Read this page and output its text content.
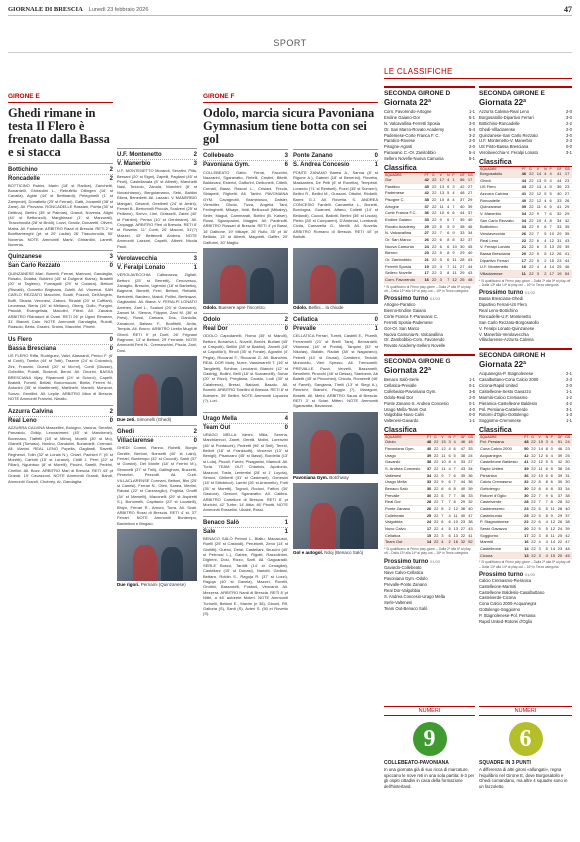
GIORNALE DI BRESCIA Lunedì 23 febbraio 2026	47
SPORT
LE CLASSIFICHE
GIRONE E
Ghedi rimane in testa Il Flero è frenato dalla Bassa e si stacca
Bottichino	2
Roncadelle	2
BOTTICINO Rubini, Marin (18' st Radice), Zanchetti, Bonardelli, Ghirardini L., Rebufello Ottingen (16' st Cavalla), Agide (44' st Bettinardi), Pelegrinelli (1' st Zampedri), Donatiello (25' st Ferrari), Gatti, Jovanelli (38' st Zane). All. Pirovano. RONCADELLE Rassani, Portta (30' st Dettina), Bertini (35' st Palmas), Grandi, Novenia, Alighi (44' st Bettonzoli), Marghirazzi (1' st Marzorati), Tiraccinnolla (28' st Brodi), Lozzi, Gradiz, Donaretti, Oliveri, Mafra. All. Fadonne. ARBITRO Razzi di Brescia. RETI 2' st Bonfitamenghi (pt. st 20' Ladisi) 26' Tiraccinnolla, 50' Novenia. NOTE Ammoniti Martz, Ghirardini, Lanetti, Novenia.
Quinzanese	3
San Carlo Rezzato	0
QUINZANESE Marì, Bonetti, Ferrari, Marinoni, Gandaglia, Rosato, Dolaba, Boldrini (45' st Dolgene Kiarra), Bradelli (20' st Tagleno), Fumagalli (29' st Cotarra), Bettoni (Riscatti), Gorzetto Brighana, Zulelli. All. Vincenzi. SAN CARLO REZZATO Macchini, Scaiti, Pozzoli, Dell'Angelo, Boffi, Strada, Veronesi, Zaboni, Rinaldi (20' st Coffiani), Leonessa, Berta (16' st Mellano), Oberg, Gollo, Pungini, Pistoidi, Evangelista, Macolini, Filinti. All. Zanaba. ARBITRO Ridradoni di Ovari. RETI 26' pt Ugoni Rimaran, 31' Bianati Calo. NOTE Ammoniti Gandaglia, Rulotti, Ruasolo, Berta, Grazini, Sraino, Macchini, Pinetti.
Us Flero	0
Bassa Bresciana	0
US FLERO Riffa, Rodriguez, Valzi, Alasnardi, Perico F. (6' st Conti), Tamba (44' st Totti), Trazere (24' st Colombo), Zini, Franzini, Duesti (20' st Mo'mi), Conti (Diusse), Gobofilio, Polatti, Sicsenti, Benni. All. Onorini. BASSA BRESCIANA Vijay, Ripamonti (24' st Sciorci), Capelli, Bratelli, Forrelli, Bellati, Bonomocchi, Biella, Ferreri M., Antonini (35' st Mariferneti), Martinelli, Vianelli, Monzoni, Sonzo, Gentilini. All. Leplie. ARBITRO Mica di Brescia. NOTE Ammoniti Franzini, Ninallo.
Azzurra Calvina	2
Real Leno	0
AZZURRA CALVINA Mascellini, Bologno, Varona, Serafini, Panzaldo, Gribly, Leonarimeni (45' st Marchenzi), Bovenaso, Tiaffelli (18' st Mimo), Morelli (30' st Mo), Gianelli (Tomaso), Nonino, Gandolini, Bonardelli, Cremaci. All. Vianini. REAL LENO Pupella, Gagliardi, Savetti, Reghenzi, Tolin (32' st Lorais N.), Chiari, Pachieri F. (6' st Moretti), Carlotti (15' st Loranzi), Chitti J. Perri (22' st Fillari), Nguinboo (8' st Morelli), Piccini, Sarelli, Pedrini, Chellini. All. Bozz. ARBITRO Mari di Brescia. RETI 43' pt Grandi, 19' Cavazzoni. NOTE Ammoniti Grandi, Bandi, Ammoniti Grandi, Chobrey, Ar, Gandaglia.
U.F. Montenetto	2
V. Manerbio	3
U.F. MONTENETTO Morandi, Serafini, Pilla, Bersani (20' st Signi), Zapelli, Pagliani (45' st Peoli), Castellanata (6' st Alberti), Marchetti Nasi, Tezzolo, Zanola, Marchini (8' st Novachiamo), Bergolamarco, Sebi, Baldini Ellera, Benedetti. All. Lazzari. V. MANERBIO Mangari, Grisanti, Gestinell (24' st Amini), Ferrari B., Bertomolli Piccola, Scalveni (25' st Pelliano), Scrivo, Limi, Grasselli, Zabbi (40' st Frantini), Perisa (10' st Gerdmann). All. Cropaggi. ARBITRO Fieri di Brescia. RETI 8' st Rosetta, 11' Conti, 26' Maconi, 31'(?) Mazzei, 43' Bettenelli Andrea. NOTE Ammoniti Lazzari, Capelli, Alberti Nicola Paoli.
Verolavecchia	3
V. Feralpi Lonato	1
VEROLAVECCHIA Caltonazza, Zigliali, Bettoni (25' st Berretti), Cenovesco, Zanaglio, Brescini, Ugemini (18' st Barbetta), Bagnera, Benetti, Ferri, Bettoni, Rettaldi, Bertoletti, Bardero, Maioli, Pollini, Bertinazzi, Gagliardini. All. Biana. V. FERALPI LONATO Arrehen, Zani L., Scaioni (20' st Garovani), Zanoni M., Sienna, Filippini, Zani M. (36' st Presi), Rossi, Camara, Dos, Daniolla, Zanaboni, Battaro F., Bonfitelli, Ardia, Tempia. All. Bruno. ARBITRO Lirella Mugli di Ghedi. RETI 9' pt Durti, 26' Frignani Ragnone, 13' st Bettoni, 29' Ferrante. NOTE Ammoniti Ferri N., Cremanchini, Piscia, Zani, Dosi.
Due zeti. Simonelli (Ghedi)
Ghedi	2
Villaclarense	0
GHEDI Comini, Ranno, Robelli, Burghi Gentile, Bertoni, Bonsetti (40' st Laini), Ferrari, Bontempo (32' st Cuccoli), Santi (37' st Gorsini), Del Monte (18' st Ferrini M.), Simonelli (37' st Tirili), Gallinghoni, Buzzetti, Pimentel, Pezzotti. All. Curti. VILLACLARENSE Cormani, Beltoni, Bini (25' st Canesi), Ferrari N., Oteri, Sanea, Merlini, Ravasi (22' st Carzaroglio), Fogirila, Gnoffi (34' st Mamelli), Maconelli (29' st Aspiretti S.), Bonomelli, Capitanio (22' st Locatelli), Bhiyo, Ferrari R., Arnoni, Torra. All. Scali. ARBITRO Rossi di Brescia. RETI 4' st, 37' Ferrari. NOTE Ammoniti Bontempo, Bardelloni e Bingaio.
Due rigori. Pernami (Quinzanese)
GIRONE F
Odolo, marcia sicura Pavoniana Gymnasium tiene botta con sei gol
Collebeato	3
Pavoniana Gym.	6
COLLEBEATO Gatto, Ferrai, Facchini, Nazzarini, Sgaravatto, Retelli, Cristini, Bitetti, Baldovani, Esterici, Gaffurini, Delbonelli, Cittelli, Cornali, Bassi, Rasoni L., Crisiani, Frecla, Sbiapetti, Righetti. All. Tartini. PAVONIANA GYM. Cavagnotti, Brambiosco, Dalsier, Viensiller, Gluda, Tizza, Angelia Tard, Ferlinghetti, Mikaye, Ibidi, Belluccoli (Mikaley), Seier, Maguli, Cammarati, Bottini (B. Kaiser), Rossi, Sgaropaiani, Maggini. All. Paolinotti. ARBITRO Rossari di Brescia. RETI 4' pt Bassi, 16' Dalbone, 19' Mikaye, 26' Rullo, 35' pt 'Ai' Belliato, 13' st Alberti, Magnetti, Gaffer, 20' Gaffurini, 30' Maglio.
Ponte Zanano	0
S. Andrea Concesio	1
PONTE ZANANO Baresi A., Sanna (8' st Rigone A.), Gabriel (18' st Benerini), Rovetta, Massardea, De Pelli (6' st Rovetta), Tempesti, Lorando (?1' st Rentsell), Pozzi (35' st Sumerri), Bellini R., Bellini M., Gussoni, Ottolini, Riobelli, Barmi G.J. All. Rovetta. S. ANDREA CONCESIO Fardelli, Camarella L., Bonetti, Bordogna, Guarneri, Alfano, Colletti (14' st Bellandi), Cuocci, Ballotti, Berlini (36' st Lisola), Pietro (28' st Compareri), D'Ambrosi, Lombardi, Civita, Camarella G., Merilli. All. Novella. ARBITRO Romano di Brescia. RETI 40' pt Ballotti.
Odolo. Buesere apre l'incontro.	Odolo. Bellini... la chiude
Odolo	2
Real Dor	0
ODOLO Capodanelli, Roma (35' st Marulli), Bettoni, Bonariva L. Novelli, Borchi, Buriani (45' st Crispolti), Bellini (28' st Baldini), Zanelli (18' st Capolilio'i), Rinoli (35' st Forale), Agostini (4' Pegia), Riccanai F., Riccanai G. All. Bianchini. REAL DOR Mobj, Nurre, Vassimarelli T. (16' st Tangiletti), Schibar, Levolanti, Bianchi (12' st Gastrig), Bollini, Belli (18' st Scaramelli), Sonar (20' st Rizzi), Pregliana, Causto, Lodi (30' st Calabrena), Bressi, Baldani, Basalo. All. Bonetti. ARBITRO Totellini di Brescia. RETI 8' st Buesere, 39' Bellini. NOTE Ammoniti Lopazza (?), Lori.
Cellatica	0
Prevalle	1
CELLATICA Ferrari, Turrell, Castelli E., Plurelli, Ferrannelli (21' st Brelli Tara), Bernardelli, Vitanossi (18' st Pontia), Tarquini (32' st Nikolas), Bialdin, Radari (38' st Nagavano), Petrelli (44' st Grussi), Cambrini, Tedoldi, Muronello, Vieri Spesso. All. Tremonelli. PREVALLE Pozzi, Verzelli, Bazzanelli, Benelletti, Pirocchi (46' st Dessa), Stanbenir, Ab Baletti (45' st Pirocchini), Chiodo, Romerelli (46' st Fanell), Sangiana, Tirelli (13' st Siegi A.), Reorichi, Bianchi, Ruggio (?), Maragoni, Bosetti. All. Meini. ARBITRO Saura di Brescia. RETI 3' st Scian Mitten. NOTE Ammoniti Sgaravatta, Bavarossi.
Urago Mella	4
Team Out	0
URAGO MELLA Vanini, Milia, Serena, Marchiarecci, Zanet, Gentili, Molini, Lorenzini (46' st Pontacchi), Pedretti (96' st Sell), Tereni, Bellnit (18' st Franksotti), Vincenzi (13' st Benigli), Pisanzaro (45' st Bassi), Bordella (13' st Lola), Piccoli, Farchi, Pisaganini, Marinoli. All. Turla. TEAM OUT Chiarinis, Apollonio, Mazzoni, Tosta, Lentertini (28' st 1' Loyola), Simoni, Ghiberti (31' st Casierani), Genesini (18' st Stilobricci), Lambi (26' st Antonello), Forti (35' st Moretti), Tognoli, Roduci, Fattori (30' Gastora), Gestoxi, Sgaravatto. All. Calibra. ARBITRO Cartelloni di Brescia. RETI 8' pt Moricini, 42' Turbe, 14' Attia, 46' Pinotti. NOTE Ammoniti Rosselini, Ubaldi, Rossi.
Benaco Salò	1
Sale	1
BENACO SALÒ Petroni L. Bialtu, Macacusol, Ruelli (25' st Castoldi), Peruttoriti, Zeno (14' st Giollitti), Guerci, Delai, Castellani, Brucchi (40' st Petrossi L.), Gabire, Rigotti, Razzolintini, Digheni, Dosi, Rizzo, Sarti. All. Gaguaradii. SERLE Bosco, Tardilli (14' st Cenagliat), Castellani (15' st Donasi), Nariotti, Giollani, Bettara, Roldin S., Ragoja R. (37' st Lozzi), Ragoja (40' st Gavela), Mazzei, Rovelli, Grottini, Bassonelli, Fostoni, Vencanti. All. Mezzera. ARBITRO Nardi di Brescia. RETI 8' pt Nittri, a 46' autorete Moleri. NOTE Ammoniti Turinelli, Bettoni E., Maxim (n 38), Ginoni, Rlf. Galtoria (S), Santi (S), Avieri S. (50 ei Rovetto (S).
Pavoniana Gym. Botchway
Gol e autogol. Ndoj (Benaco Salò)
SECONDA GIRONE D
Giornata 22ª
Corn. Favorendo-Artogne	1-1
Endine Gaiano-Gor	5-1
N. Valcavallina-Ferretti Sposia	3-0
Or. San Marco-Rovato Academy	5-4
Pademese-Corte Franca F. C.	3-2
Paratico-Rovese	2-0
Pisogne-Agosti	2-0
Paravanic C.-Or. Zanitobbio	5-4
Sellero Novelle-Nuova Camunia	5-1
Classifica
SQUADRE	PT	G	V	N	P	GF	GS
Gor	42	22	17	4	1	56	17
Paratico	45	22	13	6	3	42	27
Pademese	42	22	13	5	4	48	27
Pisogne C.	38	22	10	8	4	37	29
Artogne	37	22	11	4	7	40	39
Corte Franca F.C.	36	22	10	6	6	44	37
Endine Gaiano	33	22	9	6	7	35	40
Rovato Academy	29	22	8	5	9	38	46
N. Valcavallina	27	22	7	6	9	33	34
Or. San Marco	26	22	6	8	8	32	37
Nuova Camunia	24	22	6	6	10	30	45
Bienno	23	22	5	8	9	29	40
Or. Zambobbio	21	22	5	6	11	28	43
Ferretti Sposia	19	22	4	7	11	27	44
Sellero Novelle	17	22	3	8	11	29	43
Corn. Favorendo	16	22	3	7	12	25	48
* Si qualificano ai Primo play-gione – Dalla 2ª alla 5ª ai play-off – Dalla 13ª alla 14ª ai play-out – 16ª in Terza categoria.
Prossimo turno 01/03
Artogne-Paratico
Bienno-Endine Gaiano
Corte Franca F.-Paravanic C.
Ferretti Sposia-Pademese
Gor-Or. San Marco
Nuova Camunia-N. Valcavallina
Or. Zambobbio-Corn. Favorendo
Rovato Academy-Sellero Novelle
SECONDA GIRONE G
Giornata 22ª
Benaco Salò-Serle	1-1
Cellatica-Prevalle	0-1
Collebeato-Pavoniana Gym.	3-6
Odolo-Real Dor	2-0
Ponte Zanano-S. Andrea Concesio	0-1
Urago Mella-Team Out	4-0
Valgobbia-Nuvo Calvi	0-0
Valtenesi-Gavardo	1-1
Classifica
SQUADRE	PT	G	V	N	P	GF	GS
Odolo	48	22	15	3	4	46	18
Pavoniana Gym.	40	22	12	4	6	47	33
Urago	39	22	11	6	5	38	24
Gavardo	38	22	10	8	4	33	27
S. Andrea Concesio	37	22	11	4	7	43	34
Valtenesi	34	22	9	7	6	35	36
Urago Mella	33	22	9	6	7	44	36
Benaco Salò	30	22	8	6	8	40	39
Prevalle	30	22	8	7	7	36	33
Real Dor	28	22	7	7	8	29	32
Ponte Zanano	26	22	8	2	12	36	40
Collebeato	25	22	7	4	11	40	47
Valgobbia	24	22	6	6	10	23	38
Nuvo Calvo	17	22	4	5	13	27	43
Cellatica	15	22	3	6	13	22	41
Team Out	14	22	4	2	16	32	52
* Si qualificano ai Primo play-gione – Dalla 2ª alla 5ª ai play-off – Dalla 13ª alla 14ª ai play-out – 16ª in Terza categoria.
Prossimo turno 01/03
Gavardo-Collebeato
Nave Calvo-Cellatica
Pavoniana Gym.-Odolo
Prevalle-Ponte Zanano
Real Dor-Valgobbia
S. Andrea Concesio-Urago Mella
Serle-Valtenesi
Team Out-Benaco Salò
SECONDA GIRONE E
Giornata 22ª
Azzurra Calvina-Real Leno	2-0
Borgosatollo-Dipartivo Ferrari	3-0
Bottichino-Roncadelle	2-2
Ghedi-Villaclarense	2-0
Quinzanese-San Carlo Rezzato	3-0
U.F. Montenetto-V. Manerbio	2-3
US Pinto-Bassa Bresciana	0-0
Verolavecchia-V. Feralpi Lonato	3-1
Classifica
SQUADRE	PT	G	V	N	P	GF	GS
Borgosatollo	46	22	14	4	4	41	17
Ghedi	44	22	13	5	4	44	23
US Flero	43	22	13	4	5	36	23
Azzurra Calvina	41	22	12	5	5	40	27
Roncadelle	40	22	12	4	6	33	26
Quinzanese	39	22	11	6	5	41	29
V. Manerbio	34	22	9	7	6	32	29
San Carlo Rezzato	34	22	10	4	8	34	32
Bottichino	33	22	9	6	7	33	35
Verolavecchia	26	22	7	5	10	29	35
Real Leno	22	22	6	4	12	31	43
V. Feralpi Lonato	21	22	6	3	13	25	39
Bassa Bresciana	20	22	5	5	12	26	41
Dipartivo Ferrari	17	22	5	2	15	23	44
U.F. Montenetto	16	22	4	4	14	25	46
Villaclarense	11	22	3	2	17	19	54
* Si qualificano ai Primo play-gione – Dalla 2ª alla 5ª ai play-off – Dalla 13ª alla 14ª ai play-out – 16ª in Terza categoria.
Prossimo turno 01/03
Bassa Bresciana-Ghedi
Dipartivo Ferrari-US Flero
Real Leno-Bottichino
Roncadelle-U.F. Montenetto
San Carlo Rezzato-Borgosatollo
V. Feralpi Lonato-Quinzanese
V. Manerbio-Verolavecchia
Villaclarense-Azzurra Calvina
SECONDA GIRONE H
Giornata 22ª
Acquanegra-P. Stagnolenese	2-1
Casalbuttano-Cona Calcio 2000	2-3
Cicona-Rapid United	2-0
Castelleone-Sesto Gavazzo	1-1
Marmiti-Calcio Cremasmo	1-2
Pieranica-Castelleone Baldesio	4-2
Pol. Persiana-Castelverde	3-1
Rotorei d'Oglio-Gottolengo	1-3
Soggiorno-Cremonese	1-1
Classifica
SQUADRE	PT	G	V	N	P	GF	GS
Pol. Persiana	48	22	15	3	4	51	24
Cona Calcio 2000	50	22	14	8	0	46	23
Acquanegra	42	22	12	6	4	39	25
Castelleone Baldesio	41	22	12	5	5	42	30
Rapid United	39	22	11	6	5	38	28
Pieranica	36	22	10	6	6	39	31
Calcio Cremasmo	32	22	8	8	6	30	30
Gottolengo	30	22	8	6	8	33	34
Rotorei d'Oglio	30	22	7	9	6	37	38
Castelverde	28	22	7	7	8	28	32
Casbinesemo	23	22	6	5	11	28	40
Castelcundo	23	22	5	8	9	29	37
P. Stagnolenese	22	22	6	4	12	26	38
Sesto Gavazzo	20	22	5	5	12	24	39
Soggiorno	17	22	3	8	11	25	42
Marmiti	16	22	4	4	14	22	47
Castelleone	14	22	3	5	14	23	48
Cicona	13	22	3	4	15	20	45
* Si qualificano ai Primo play-gione – Dalla 2ª alla 5ª ai play-off – Dalla 13ª alla 14ª ai play-out – 16ª in Terza categoria.
Prossimo turno 01/03
Calcio Cremasmo-Pieranica
Castelleone-Marmiti
Castelleone Baldesio-Casalbuttano
Castelverde-Cicona
Cona Calcio 2000-Acquanegra
Gottolengo-Soggiorno
P. Stagnolenese-Pol. Persiana
Rapid United-Rotorei d'Oglio
NUMERI
9
COLLEBEATO-PAVONIANA
In una giornata già di suo ricca di marcature, spiccano le nove reti in una sola partita: 6-3 per gli ospiti cittadini in casa della formazione dell'hinterland.
NUMERI
6
SQUADRE IN 3 PUNTI
A differenza di altri gironi «allungati», regna l'equilibrio nel Girone E, dove Borgosatollo e Ghedi comandano, ma altre 4 squadre sono in un fazzoletto.
